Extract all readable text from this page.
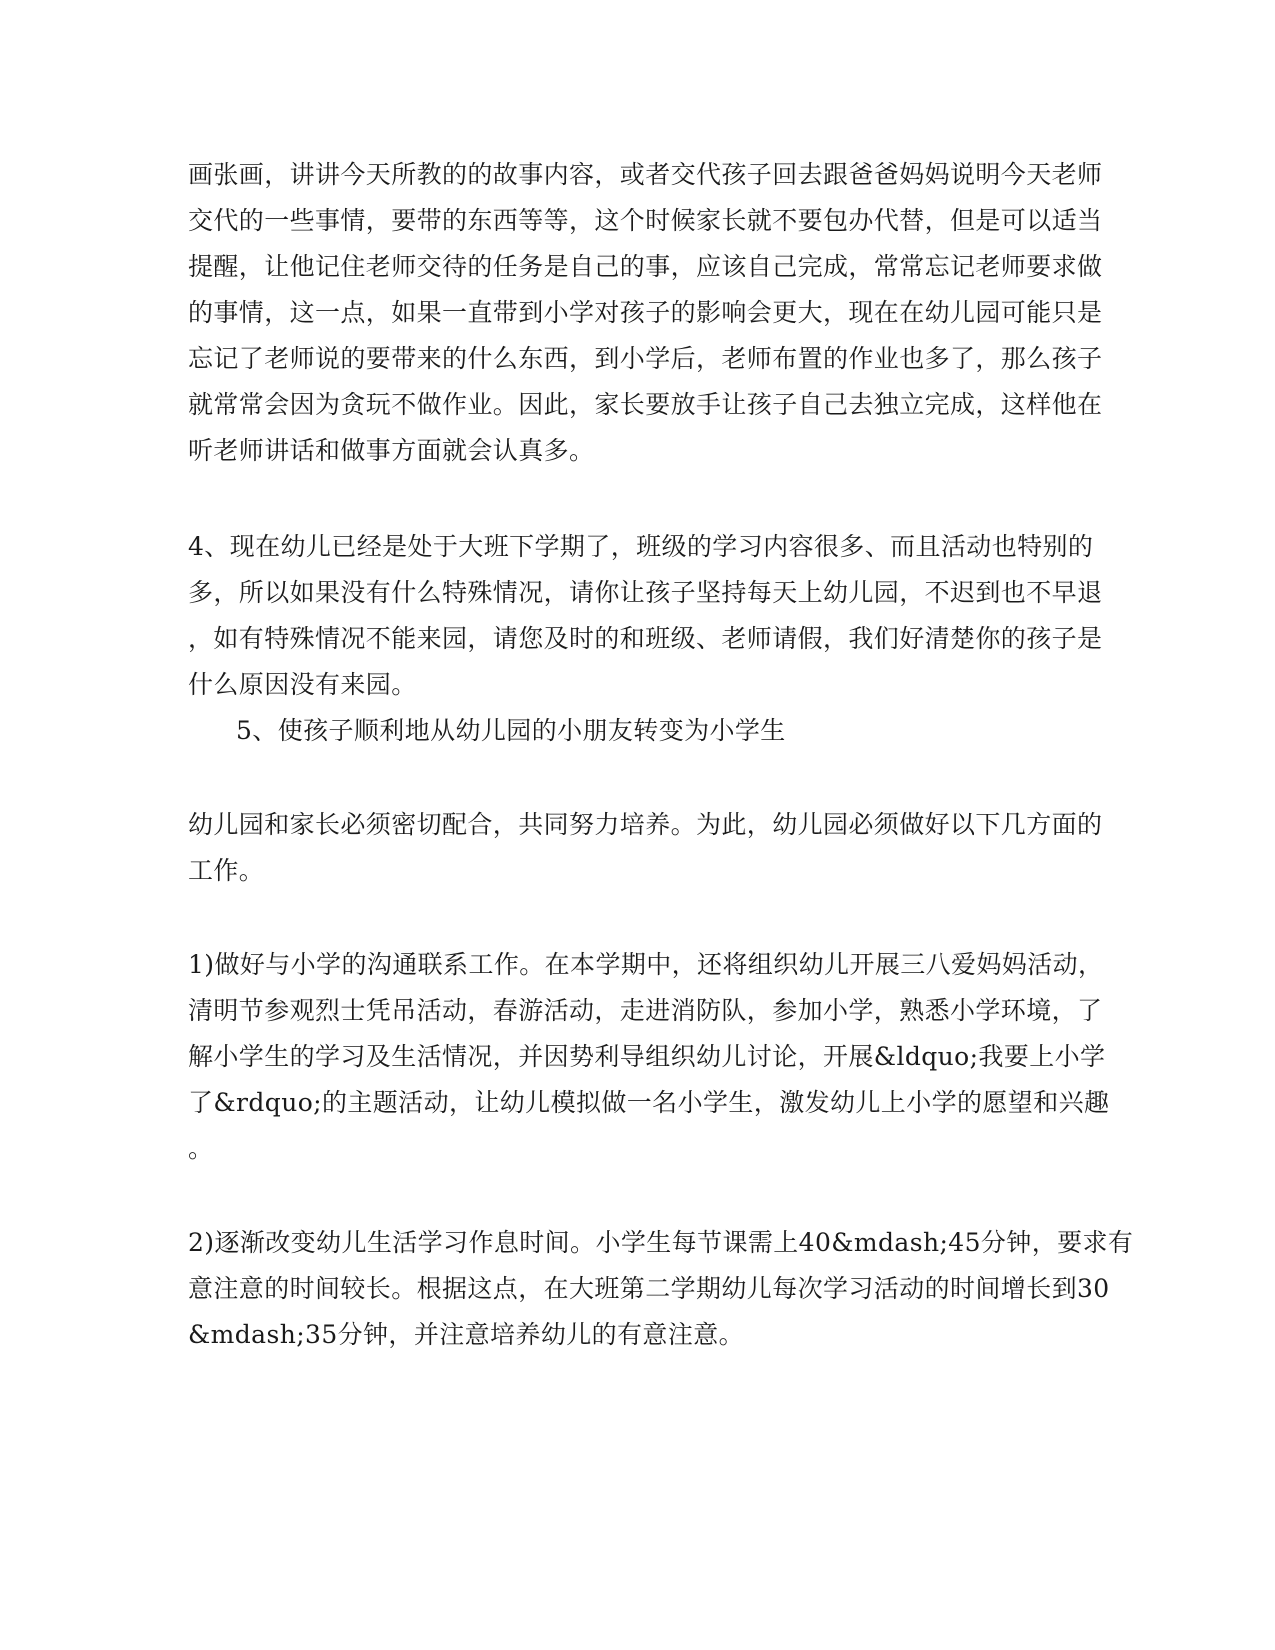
画张画，讲讲今天所教的的故事内容，或者交代孩子回去跟爸爸妈妈说明今天老师
交代的一些事情，要带的东西等等，这个时候家长就不要包办代替，但是可以适当
提醒，让他记住老师交待的任务是自己的事，应该自己完成，常常忘记老师要求做
的事情，这一点，如果一直带到小学对孩子的影响会更大，现在在幼儿园可能只是
忘记了老师说的要带来的什么东西，到小学后，老师布置的作业也多了，那么孩子
就常常会因为贪玩不做作业。因此，家长要放手让孩子自己去独立完成，这样他在
听老师讲话和做事方面就会认真多。
4、现在幼儿已经是处于大班下学期了，班级的学习内容很多、而且活动也特别的
多，所以如果没有什么特殊情况，请你让孩子坚持每天上幼儿园，不迟到也不早退
，如有特殊情况不能来园，请您及时的和班级、老师请假，我们好清楚你的孩子是
什么原因没有来园。
5、使孩子顺利地从幼儿园的小朋友转变为小学生
幼儿园和家长必须密切配合，共同努力培养。为此，幼儿园必须做好以下几方面的
工作。
1)做好与小学的沟通联系工作。在本学期中，还将组织幼儿开展三八爱妈妈活动，
清明节参观烈士凭吊活动，春游活动，走进消防队，参加小学，熟悉小学环境，了
解小学生的学习及生活情况，并因势利导组织幼儿讨论，开展&ldquo;我要上小学
了&rdquo;的主题活动，让幼儿模拟做一名小学生，激发幼儿上小学的愿望和兴趣
。
2)逐渐改变幼儿生活学习作息时间。小学生每节课需上40&mdash;45分钟，要求有
意注意的时间较长。根据这点，在大班第二学期幼儿每次学习活动的时间增长到30
&mdash;35分钟，并注意培养幼儿的有意注意。
